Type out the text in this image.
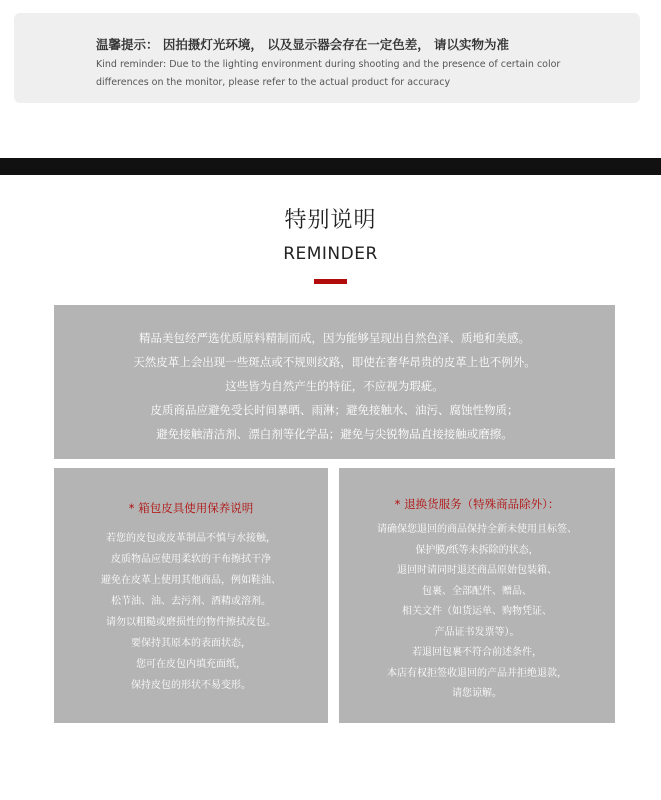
温馨提示： 因拍摄灯光环境， 以及显示器会存在一定色差， 请以实物为准

Kind reminder: Due to the lighting environment during shooting and the presence of certain color differences on the monitor, please refer to the actual product for accuracy

特别说明
REMINDER

精品美包经严选优质原料精制而成，因为能够呈现出自然色泽、质地和美感。

天然皮革上会出现一些斑点或不规则纹路，即使在奢华昂贵的皮革上也不例外。

这些皆为自然产生的特征，不应视为瑕疵。

皮质商品应避免受长时间暴晒、雨淋；避免接触水、油污、腐蚀性物质；

避免接触清洁剂、漂白剂等化学品；避免与尖锐物品直接接触或磨擦。

* 箱包皮具使用保养说明

若您的皮包或皮革制品不慎与水接触，

皮质物品应使用柔软的干布擦拭干净

避免在皮革上使用其他商品，例如鞋油、

松节油、油、去污剂、酒精或溶剂。

请勿以粗糙或磨损性的物件擦拭皮包。

要保持其原本的表面状态，

您可在皮包内填充面纸，

保持皮包的形状不易变形。

* 退换货服务（特殊商品除外）：

请确保您退回的商品保持全新未使用且标签、

保护膜/纸等未拆除的状态，

退回时请同时退还商品原始包装箱、

包裹、全部配件、赠品、

相关文件（如货运单、购物凭证、

产品证书发票等）。

若退回包裹不符合前述条件，

本店有权拒签收退回的产品并拒绝退款，

请您谅解。
